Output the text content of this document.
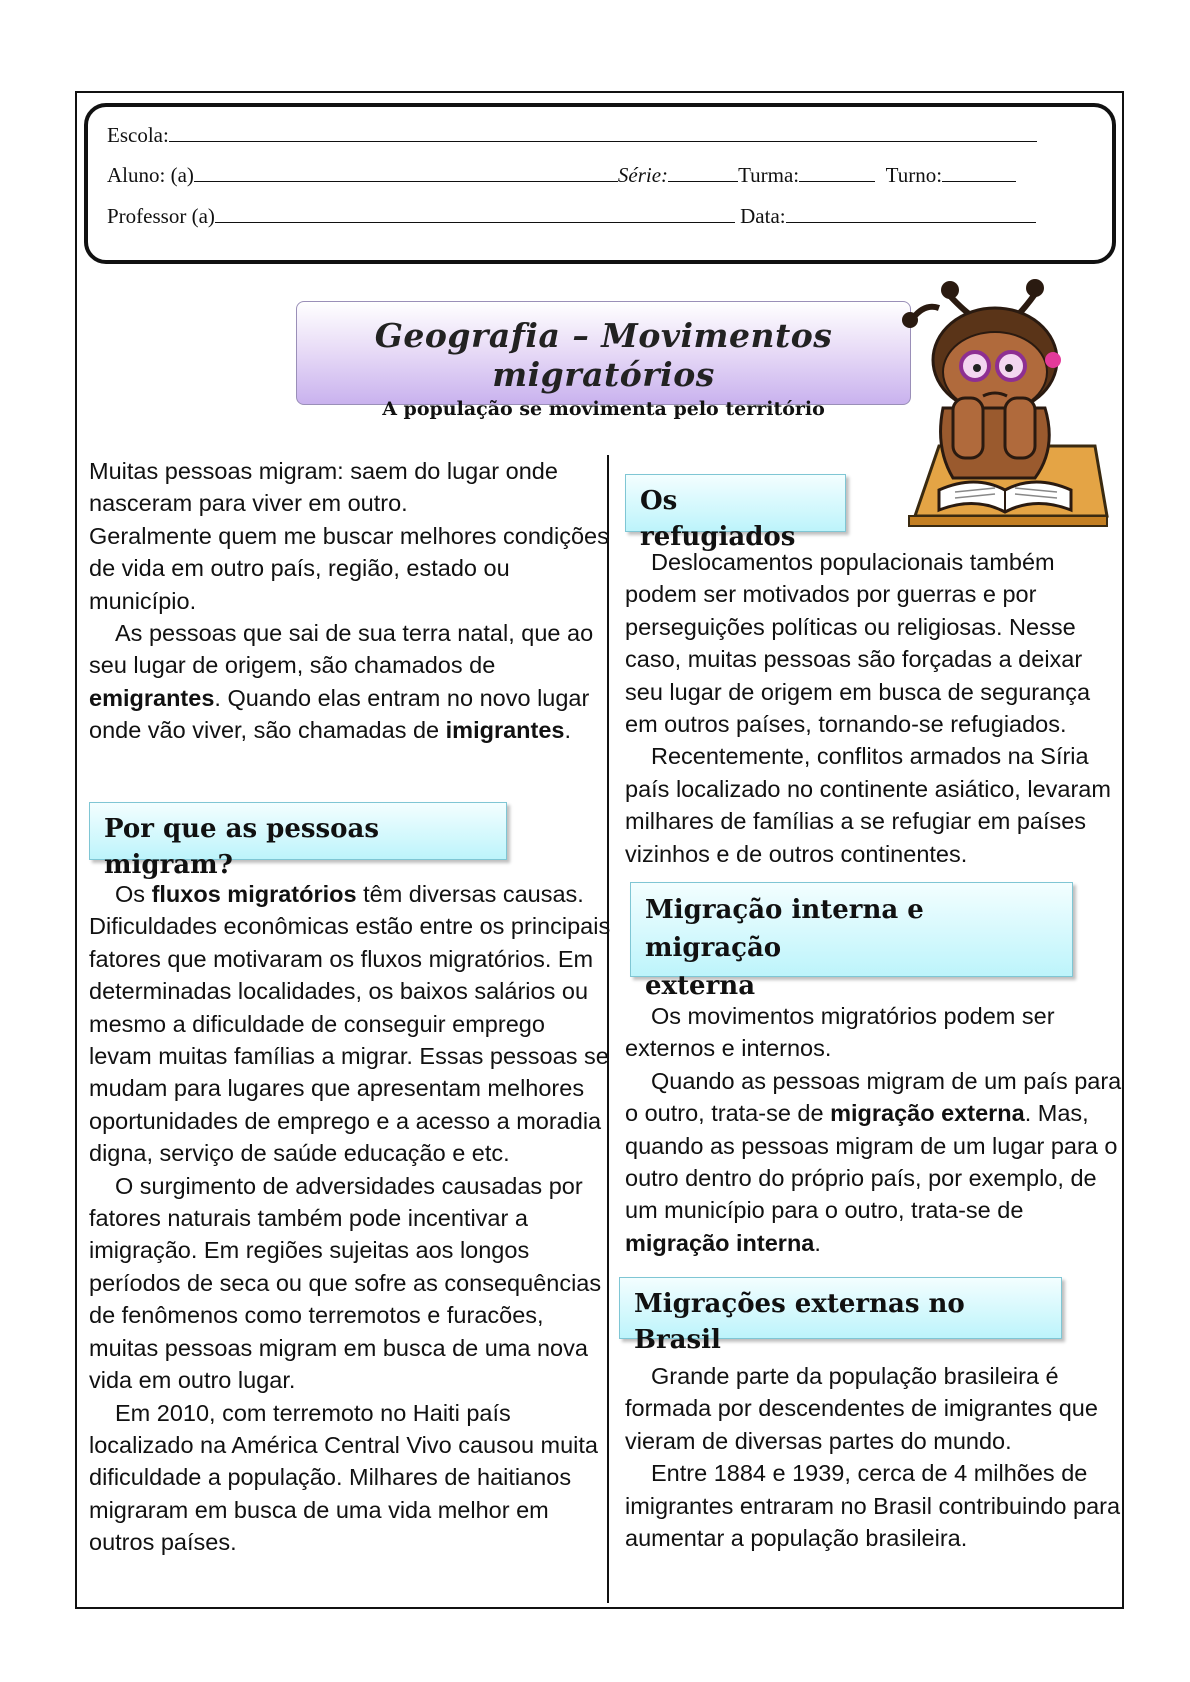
Escola:
Aluno: (a)	Série:	Turma:	Turno:
Professor (a)	Data:
Geografia – Movimentos migratórios
A população se movimenta pelo território

Muitas pessoas migram: saem do lugar onde nasceram para viver em outro.

Geralmente quem me buscar melhores condições de vida em outro país, região, estado ou município.

As pessoas que sai de sua terra natal, que ao seu lugar de origem, são chamados de emigrantes. Quando elas entram no novo lugar onde vão viver, são chamadas de imigrantes.

Por que as pessoas migram?

Os fluxos migratórios têm diversas causas. Dificuldades econômicas estão entre os principais fatores que motivaram os fluxos migratórios. Em determinadas localidades, os baixos salários ou mesmo a dificuldade de conseguir emprego levam muitas famílias a migrar. Essas pessoas se mudam para lugares que apresentam melhores oportunidades de emprego e a acesso a moradia digna, serviço de saúde educação e etc.

O surgimento de adversidades causadas por fatores naturais também pode incentivar a imigração. Em regiões sujeitas aos longos períodos de seca ou que sofre as consequências de fenômenos como terremotos e furacões, muitas pessoas migram em busca de uma nova vida em outro lugar.

Em 2010, com terremoto no Haiti país localizado na América Central Vivo causou muita dificuldade a população. Milhares de haitianos migraram em busca de uma vida melhor em outros países.

Os refugiados

Deslocamentos populacionais também podem ser motivados por guerras e por perseguições políticas ou religiosas. Nesse caso, muitas pessoas são forçadas a deixar seu lugar de origem em busca de segurança em outros países, tornando-se refugiados.

Recentemente, conflitos armados na Síria país localizado no continente asiático, levaram milhares de famílias a se refugiar em países vizinhos e de outros continentes.

Migração interna e migração
externa

Os movimentos migratórios podem ser externos e internos.

Quando as pessoas migram de um país para o outro, trata-se de migração externa. Mas, quando as pessoas migram de um lugar para o outro dentro do próprio país, por exemplo, de um município para o outro, trata-se de migração interna.

Migrações externas no Brasil

Grande parte da população brasileira é formada por descendentes de imigrantes que vieram de diversas partes do mundo.

Entre 1884 e 1939, cerca de 4 milhões de imigrantes entraram no Brasil contribuindo para aumentar a população brasileira.
